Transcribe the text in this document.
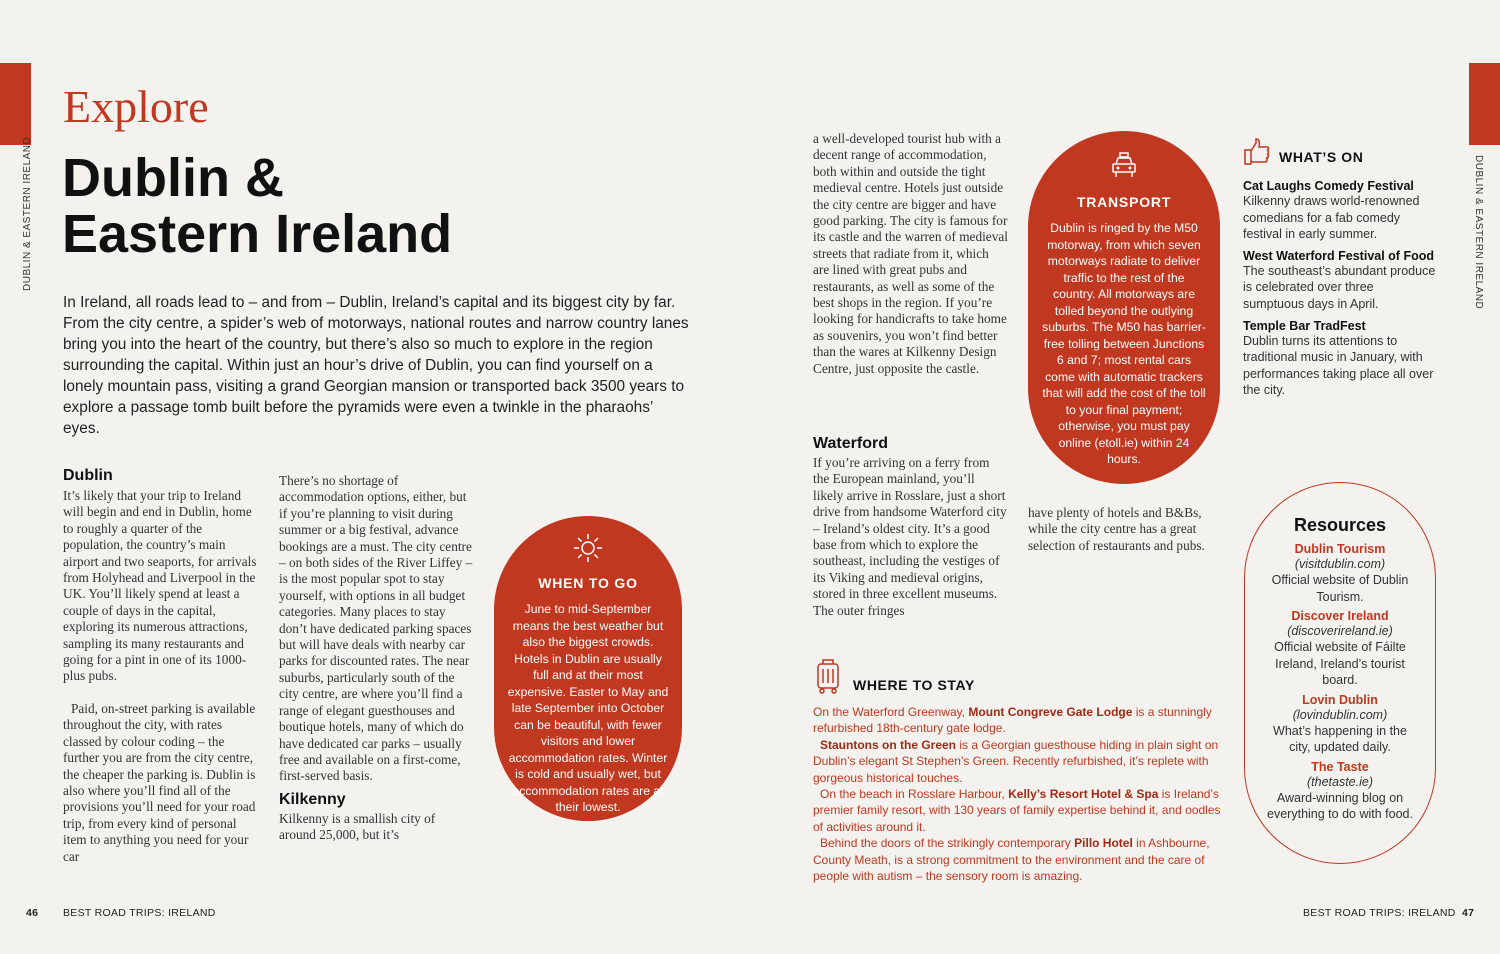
DUBLIN & EASTERN IRELAND	DUBLIN & EASTERN IRELAND
Explore
Dublin &
Eastern Ireland
In Ireland, all roads lead to – and from – Dublin, Ireland’s capital and its biggest city by far. From the city centre, a spider’s web of motorways, national routes and narrow country lanes bring you into the heart of the country, but there’s also so much to explore in the region surrounding the capital. Within just an hour’s drive of Dublin, you can find yourself on a lonely mountain pass, visiting a grand Georgian mansion or transported back 3500 years to explore a passage tomb built before the pyramids were even a twinkle in the pharaohs’ eyes.
Dublin
It’s likely that your trip to Ireland will begin and end in Dublin, home to roughly a quarter of the population, the country’s main airport and two seaports, for arrivals from Holyhead and Liverpool in the UK. You’ll likely spend at least a couple of days in the capital, exploring its numerous attractions, sampling its many restaurants and going for a pint in one of its 1000-plus pubs.
Paid, on-street parking is available throughout the city, with rates classed by colour coding – the further you are from the city centre, the cheaper the parking is. Dublin is also where you’ll find all of the provisions you’ll need for your road trip, from every kind of personal item to anything you need for your car
There’s no shortage of accommodation options, either, but if you’re planning to visit during summer or a big festival, advance bookings are a must. The city centre – on both sides of the River Liffey – is the most popular spot to stay yourself, with options in all budget categories. Many places to stay don’t have dedicated parking spaces but will have deals with nearby car parks for discounted rates. The near suburbs, particularly south of the city centre, are where you’ll find a range of elegant guesthouses and boutique hotels, many of which do have dedicated car parks – usually free and available on a first-come, first-served basis.
Kilkenny
Kilkenny is a smallish city of around 25,000, but it’s
WHEN TO GO
June to mid-September means the best weather but also the biggest crowds. Hotels in Dublin are usually full and at their most expensive. Easter to May and late September into October can be beautiful, with fewer visitors and lower accommodation rates. Winter is cold and usually wet, but accommodation rates are at their lowest.
a well-developed tourist hub with a decent range of accommodation, both within and outside the tight medieval centre. Hotels just outside the city centre are bigger and have good parking. The city is famous for its castle and the warren of medieval streets that radiate from it, which are lined with great pubs and restaurants, as well as some of the best shops in the region. If you’re looking for handicrafts to take home as souvenirs, you won’t find better than the wares at Kilkenny Design Centre, just opposite the castle.
Waterford
If you’re arriving on a ferry from the European mainland, you’ll likely arrive in Rosslare, just a short drive from handsome Waterford city – Ireland’s oldest city. It’s a good base from which to explore the southeast, including the vestiges of its Viking and medieval origins, stored in three excellent museums. The outer fringes
have plenty of hotels and B&Bs, while the city centre has a great selection of restaurants and pubs.
TRANSPORT
Dublin is ringed by the M50 motorway, from which seven motorways radiate to deliver traffic to the rest of the country. All motorways are tolled beyond the outlying suburbs. The M50 has barrier-free tolling between Junctions 6 and 7; most rental cars come with automatic trackers that will add the cost of the toll to your final payment; otherwise, you must pay online (etoll.ie) within 24 hours.
WHERE TO STAY

On the Waterford Greenway, Mount Congreve Gate Lodge is a stunningly refurbished 18th-century gate lodge.

Stauntons on the Green is a Georgian guesthouse hiding in plain sight on Dublin’s elegant St Stephen’s Green. Recently refurbished, it’s replete with gorgeous historical touches.

On the beach in Rosslare Harbour, Kelly’s Resort Hotel & Spa is Ireland’s premier family resort, with 130 years of family expertise behind it, and oodles of activities around it.

Behind the doors of the strikingly contemporary Pillo Hotel in Ashbourne, County Meath, is a strong commitment to the environment and the care of people with autism – the sensory room is amazing.

WHAT’S ON
Cat Laughs Comedy Festival
Kilkenny draws world-renowned comedians for a fab comedy festival in early summer.
West Waterford Festival of Food
The southeast’s abundant produce is celebrated over three sumptuous days in April.
Temple Bar TradFest
Dublin turns its attentions to traditional music in January, with performances taking place all over the city.
Resources
Dublin Tourism
(visitdublin.com)
Official website of Dublin Tourism.
Discover Ireland
(discoverireland.ie)
Official website of Fáilte Ireland, Ireland’s tourist board.
Lovin Dublin
(lovindublin.com)
What’s happening in the city, updated daily.
The Taste
(thetaste.ie)
Award-winning blog on everything to do with food.
46 BEST ROAD TRIPS: IRELAND	BEST ROAD TRIPS: IRELAND 47
